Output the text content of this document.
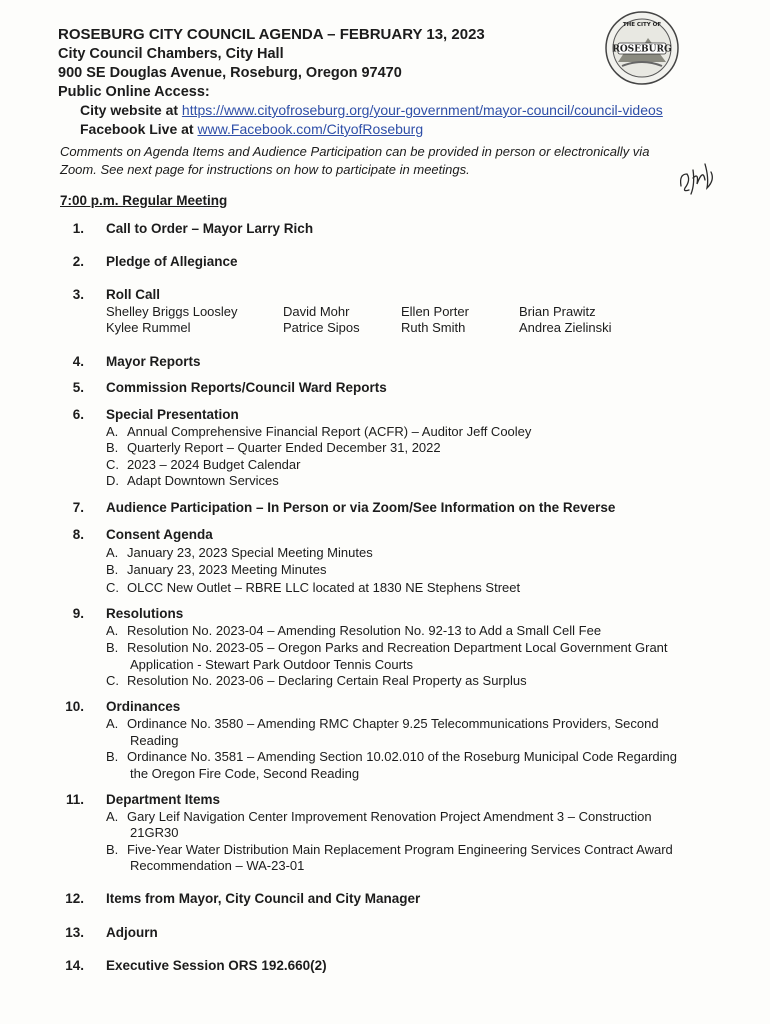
ROSEBURG CITY COUNCIL AGENDA – FEBRUARY 13, 2023
City Council Chambers, City Hall
900 SE Douglas Avenue, Roseburg, Oregon 97470
Public Online Access:
City website at https://www.cityofroseburg.org/your-government/mayor-council/council-videos
Facebook Live at www.Facebook.com/CityofRoseburg
ROSEBURG
THE CITY OF
Comments on Agenda Items and Audience Participation can be provided in person or electronically via
Zoom. See next page for instructions on how to participate in meetings.
7:00 p.m. Regular Meeting
1. Call to Order – Mayor Larry Rich
2. Pledge of Allegiance
3. Roll Call
Shelley Briggs Loosley	David Mohr	Ellen Porter	Brian Prawitz
Kylee Rummel	Patrice Sipos	Ruth Smith	Andrea Zielinski
4. Mayor Reports
5. Commission Reports/Council Ward Reports
6. Special Presentation
A. Annual Comprehensive Financial Report (ACFR) – Auditor Jeff Cooley
B. Quarterly Report – Quarter Ended December 31, 2022
C. 2023 – 2024 Budget Calendar
D. Adapt Downtown Services
7. Audience Participation – In Person or via Zoom/See Information on the Reverse
8. Consent Agenda
A. January 23, 2023 Special Meeting Minutes
B. January 23, 2023 Meeting Minutes
C. OLCC New Outlet – RBRE LLC located at 1830 NE Stephens Street
9. Resolutions
A. Resolution No. 2023-04 – Amending Resolution No. 92-13 to Add a Small Cell Fee
B. Resolution No. 2023-05 – Oregon Parks and Recreation Department Local Government Grant
Application - Stewart Park Outdoor Tennis Courts
C. Resolution No. 2023-06 – Declaring Certain Real Property as Surplus
10. Ordinances
A. Ordinance No. 3580 – Amending RMC Chapter 9.25 Telecommunications Providers, Second
Reading
B. Ordinance No. 3581 – Amending Section 10.02.010 of the Roseburg Municipal Code Regarding
the Oregon Fire Code, Second Reading
11. Department Items
A. Gary Leif Navigation Center Improvement Renovation Project Amendment 3 – Construction
21GR30
B. Five-Year Water Distribution Main Replacement Program Engineering Services Contract Award
Recommendation – WA-23-01
12. Items from Mayor, City Council and City Manager
13. Adjourn
14. Executive Session ORS 192.660(2)
